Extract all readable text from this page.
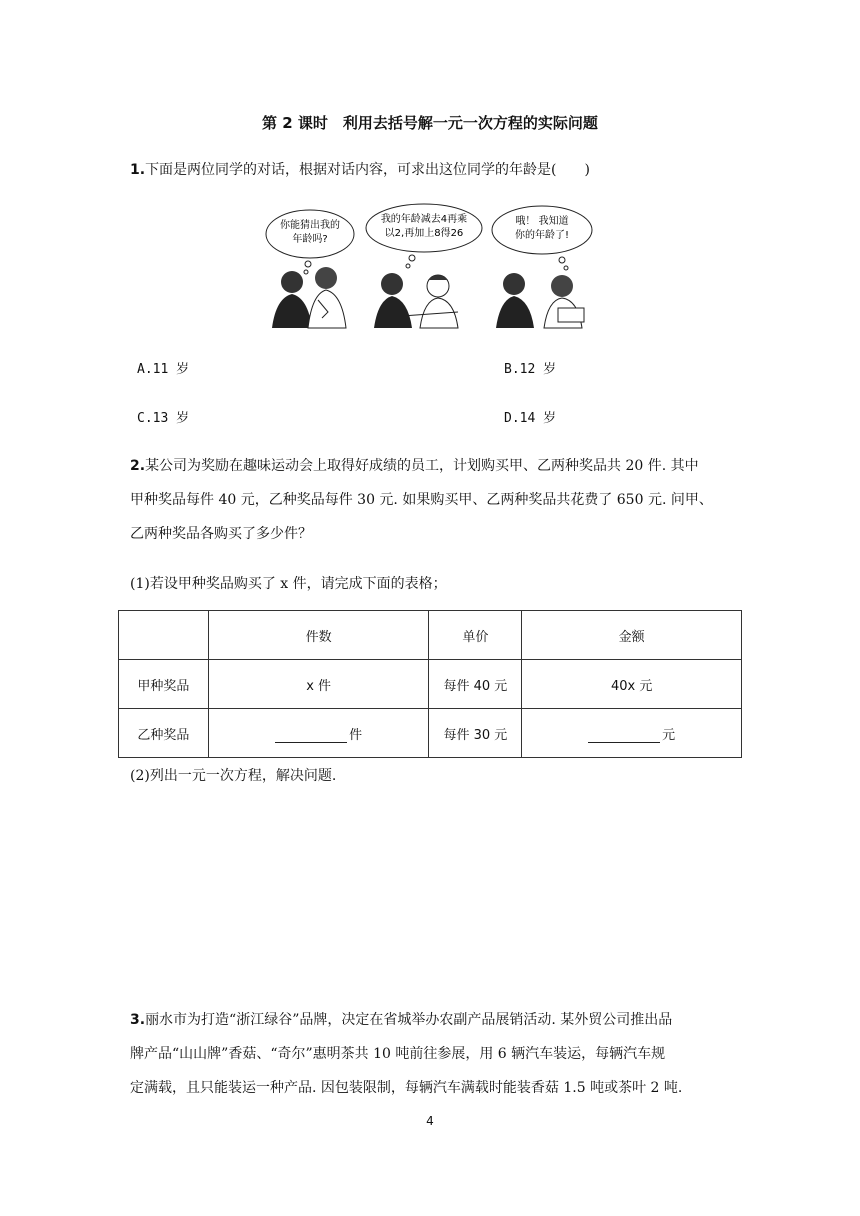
第 2 课时　利用去括号解一元一次方程的实际问题
1.下面是两位同学的对话，根据对话内容，可求出这位同学的年龄是(　　)
你能猜出我的
年龄吗?
我的年龄减去4再乘
以2,再加上8得26
哦！ 我知道
你的年龄了!
A.11 岁	B.12 岁
C.13 岁	D.14 岁
2.某公司为奖励在趣味运动会上取得好成绩的员工，计划购买甲、乙两种奖品共 20 件. 其中
甲种奖品每件 40 元，乙种奖品每件 30 元. 如果购买甲、乙两种奖品共花费了 650 元. 问甲、
乙两种奖品各购买了多少件？
(1)若设甲种奖品购买了 x 件，请完成下面的表格；
	件数	单价	金额
甲种奖品	x 件	每件 40 元	40x 元
乙种奖品	件	每件 30 元	元
(2)列出一元一次方程，解决问题.
3.丽水市为打造“浙江绿谷”品牌，决定在省城举办农副产品展销活动. 某外贸公司推出品
牌产品“山山牌”香菇、“奇尔”惠明茶共 10 吨前往参展，用 6 辆汽车装运，每辆汽车规
定满载，且只能装运一种产品. 因包装限制，每辆汽车满载时能装香菇 1.5 吨或茶叶 2 吨.
4
